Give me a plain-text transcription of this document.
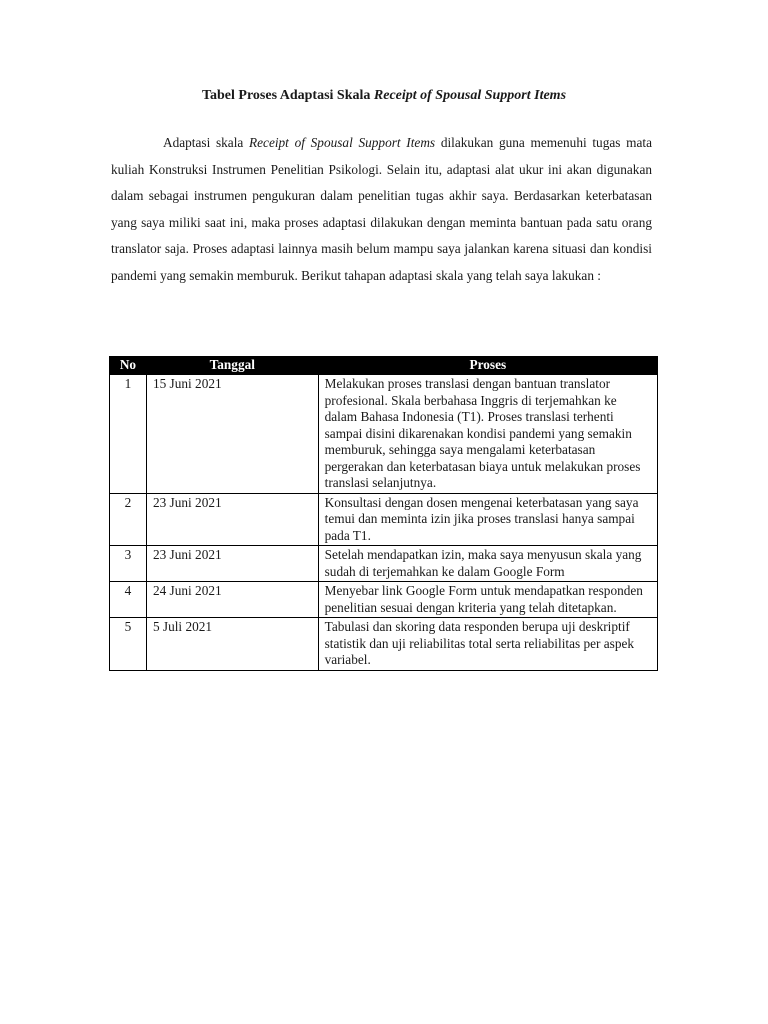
Tabel Proses Adaptasi Skala Receipt of Spousal Support Items

Adaptasi skala Receipt of Spousal Support Items dilakukan guna memenuhi tugas mata kuliah Konstruksi Instrumen Penelitian Psikologi. Selain itu, adaptasi alat ukur ini akan digunakan dalam sebagai instrumen pengukuran dalam penelitian tugas akhir saya. Berdasarkan keterbatasan yang saya miliki saat ini, maka proses adaptasi dilakukan dengan meminta bantuan pada satu orang translator saja. Proses adaptasi lainnya masih belum mampu saya jalankan karena situasi dan kondisi pandemi yang semakin memburuk. Berikut tahapan adaptasi skala yang telah saya lakukan :

No	Tanggal	Proses
1	15 Juni 2021	Melakukan proses translasi dengan bantuan translator profesional. Skala berbahasa Inggris di terjemahkan ke dalam Bahasa Indonesia (T1). Proses translasi terhenti sampai disini dikarenakan kondisi pandemi yang semakin memburuk, sehingga saya mengalami keterbatasan pergerakan dan keterbatasan biaya untuk melakukan proses translasi selanjutnya.
2	23 Juni 2021	Konsultasi dengan dosen mengenai keterbatasan yang saya temui dan meminta izin jika proses translasi hanya sampai pada T1.
3	23 Juni 2021	Setelah mendapatkan izin, maka saya menyusun skala yang sudah di terjemahkan ke dalam Google Form
4	24 Juni 2021	Menyebar link Google Form untuk mendapatkan responden penelitian sesuai dengan kriteria yang telah ditetapkan.
5	5 Juli 2021	Tabulasi dan skoring data responden berupa uji deskriptif statistik dan uji reliabilitas total serta reliabilitas per aspek variabel.
